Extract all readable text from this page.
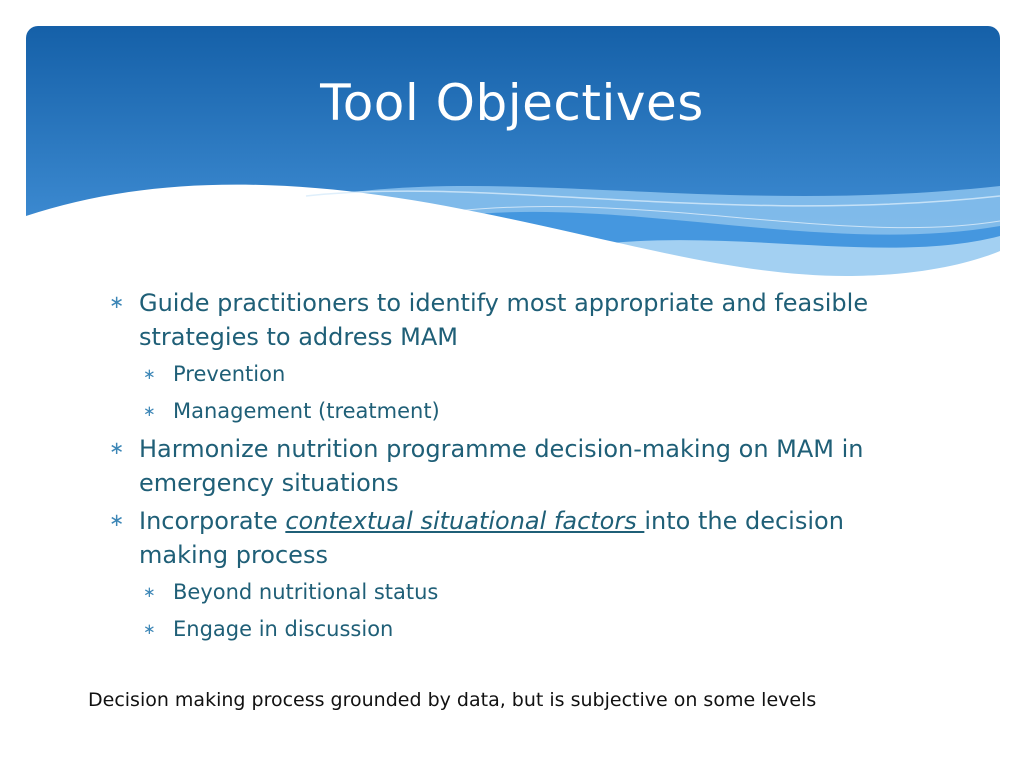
Tool Objectives
∗ Guide practitioners to identify most appropriate and feasible strategies to address MAM
∗ Prevention
∗ Management (treatment)
∗ Harmonize nutrition programme decision-making on MAM in emergency situations
∗ Incorporate contextual situational factors into the decision making process
∗ Beyond nutritional status
∗ Engage in discussion
Decision making process grounded by data, but is subjective on some levels
